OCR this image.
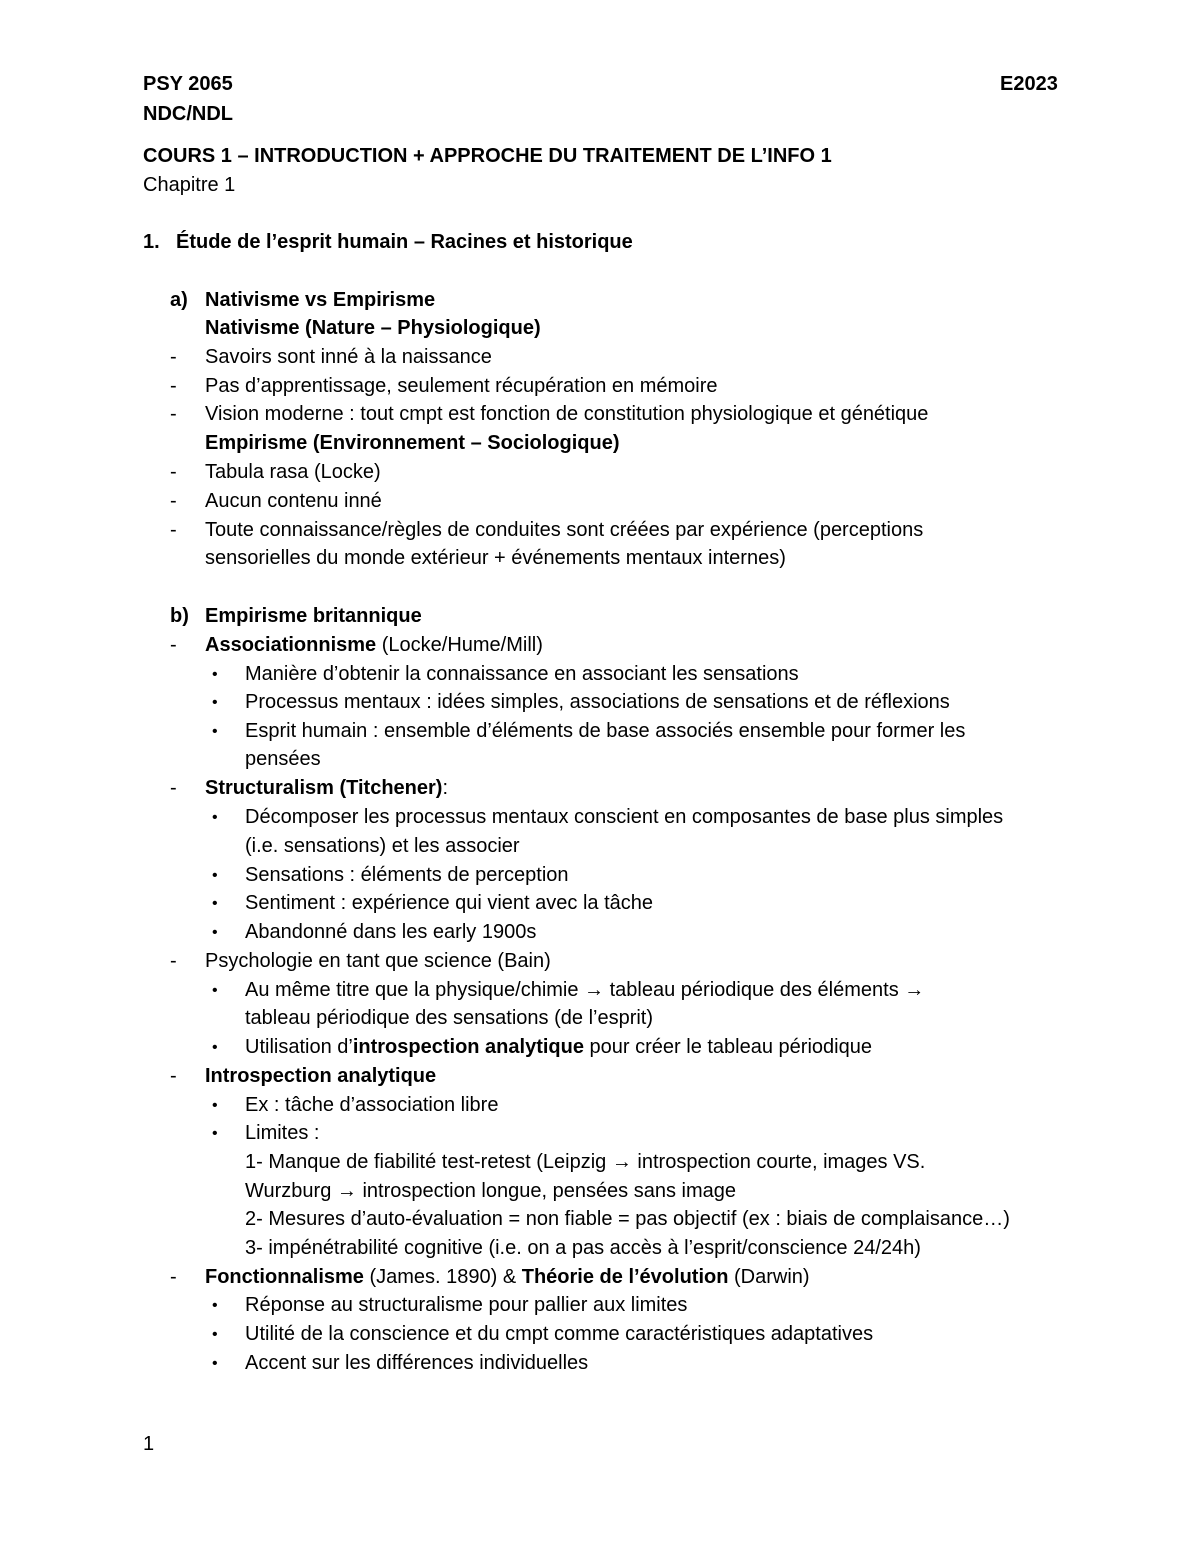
PSY 2065	E2023
NDC/NDL
COURS 1 – INTRODUCTION + APPROCHE DU TRAITEMENT DE L’INFO 1
Chapitre 1
1. Étude de l’esprit humain – Racines et historique
a) Nativisme vs Empirisme
Nativisme (Nature – Physiologique)
- Savoirs sont inné à la naissance
- Pas d’apprentissage, seulement récupération en mémoire
- Vision moderne : tout cmpt est fonction de constitution physiologique et génétique
Empirisme (Environnement – Sociologique)
- Tabula rasa (Locke)
- Aucun contenu inné
- Toute connaissance/règles de conduites sont créées par expérience (perceptions
sensorielles du monde extérieur + événements mentaux internes)
b) Empirisme britannique
- Associationnisme (Locke/Hume/Mill)
• Manière d’obtenir la connaissance en associant les sensations
• Processus mentaux : idées simples, associations de sensations et de réflexions
• Esprit humain : ensemble d’éléments de base associés ensemble pour former les
pensées
- Structuralism (Titchener):
• Décomposer les processus mentaux conscient en composantes de base plus simples
(i.e. sensations) et les associer
• Sensations : éléments de perception
• Sentiment : expérience qui vient avec la tâche
• Abandonné dans les early 1900s
- Psychologie en tant que science (Bain)
• Au même titre que la physique/chimie → tableau périodique des éléments →
tableau périodique des sensations (de l’esprit)
• Utilisation d’introspection analytique pour créer le tableau périodique
- Introspection analytique
• Ex : tâche d’association libre
• Limites :
1- Manque de fiabilité test-retest (Leipzig → introspection courte, images VS.
Wurzburg → introspection longue, pensées sans image
2- Mesures d’auto-évaluation = non fiable = pas objectif (ex : biais de complaisance…)
3- impénétrabilité cognitive (i.e. on a pas accès à l’esprit/conscience 24/24h)
- Fonctionnalisme (James. 1890) & Théorie de l’évolution (Darwin)
• Réponse au structuralisme pour pallier aux limites
• Utilité de la conscience et du cmpt comme caractéristiques adaptatives
• Accent sur les différences individuelles
1
